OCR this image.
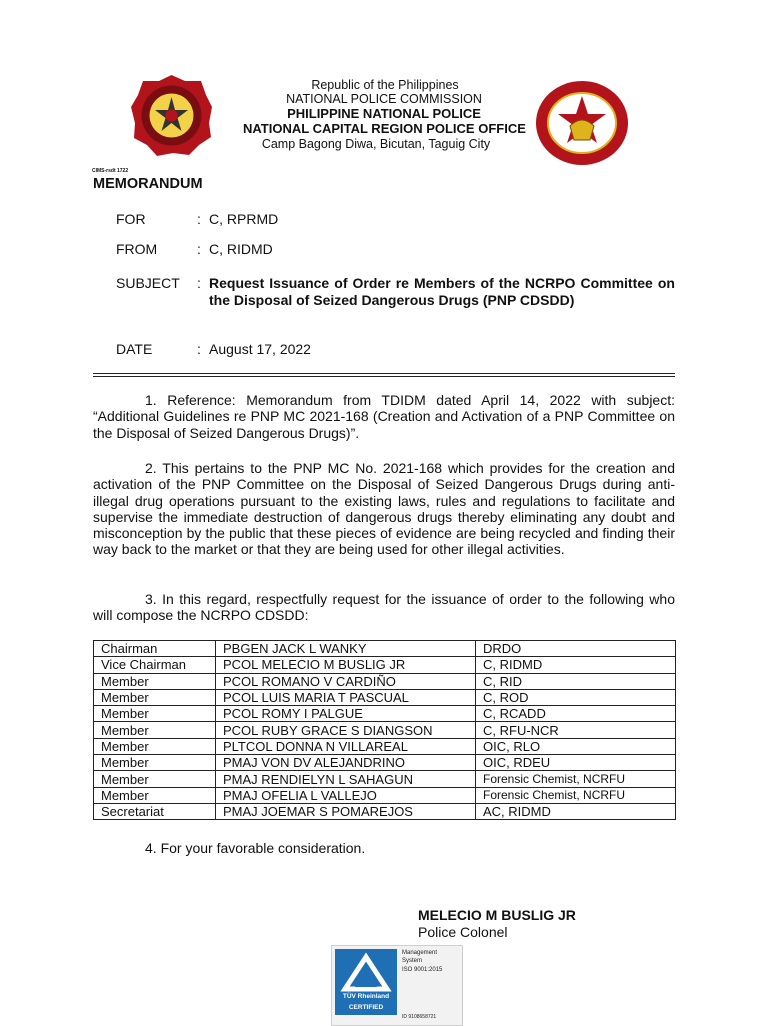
Republic of the Philippines
NATIONAL POLICE COMMISSION
PHILIPPINE NATIONAL POLICE
NATIONAL CAPITAL REGION POLICE OFFICE
Camp Bagong Diwa, Bicutan, Taguig City
CIMS-rsdt 1722
MEMORANDUM
FOR	: C, RPRMD
FROM	: C, RIDMD
SUBJECT : Request Issuance of Order re Members of the NCRPO Committee on the Disposal of Seized Dangerous Drugs (PNP CDSDD)
DATE	: August 17, 2022
1. Reference: Memorandum from TDIDM dated April 14, 2022 with subject: “Additional Guidelines re PNP MC 2021-168 (Creation and Activation of a PNP Committee on the Disposal of Seized Dangerous Drugs)”.
2. This pertains to the PNP MC No. 2021-168 which provides for the creation and activation of the PNP Committee on the Disposal of Seized Dangerous Drugs during anti-illegal drug operations pursuant to the existing laws, rules and regulations to facilitate and supervise the immediate destruction of dangerous drugs thereby eliminating any doubt and misconception by the public that these pieces of evidence are being recycled and finding their way back to the market or that they are being used for other illegal activities.
3. In this regard, respectfully request for the issuance of order to the following who will compose the NCRPO CDSDD:
Chairman	PBGEN JACK L WANKY	DRDO
Vice Chairman	PCOL MELECIO M BUSLIG JR	C, RIDMD
Member	PCOL ROMANO V CARDIÑO	C, RID
Member	PCOL LUIS MARIA T PASCUAL	C, ROD
Member	PCOL ROMY I PALGUE	C, RCADD
Member	PCOL RUBY GRACE S DIANGSON	C, RFU-NCR
Member	PLTCOL DONNA N VILLAREAL	OIC, RLO
Member	PMAJ VON DV ALEJANDRINO	OIC, RDEU
Member	PMAJ RENDIELYN L SAHAGUN	Forensic Chemist, NCRFU
Member	PMAJ OFELIA L VALLEJO	Forensic Chemist, NCRFU
Secretariat	PMAJ JOEMAR S POMAREJOS	AC, RIDMD
4. For your favorable consideration.
MELECIO M BUSLIG JR
Police Colonel
TÜV Rheinland
CERTIFIED
Management
System
ISO 9001:2015
ID 9108658721
